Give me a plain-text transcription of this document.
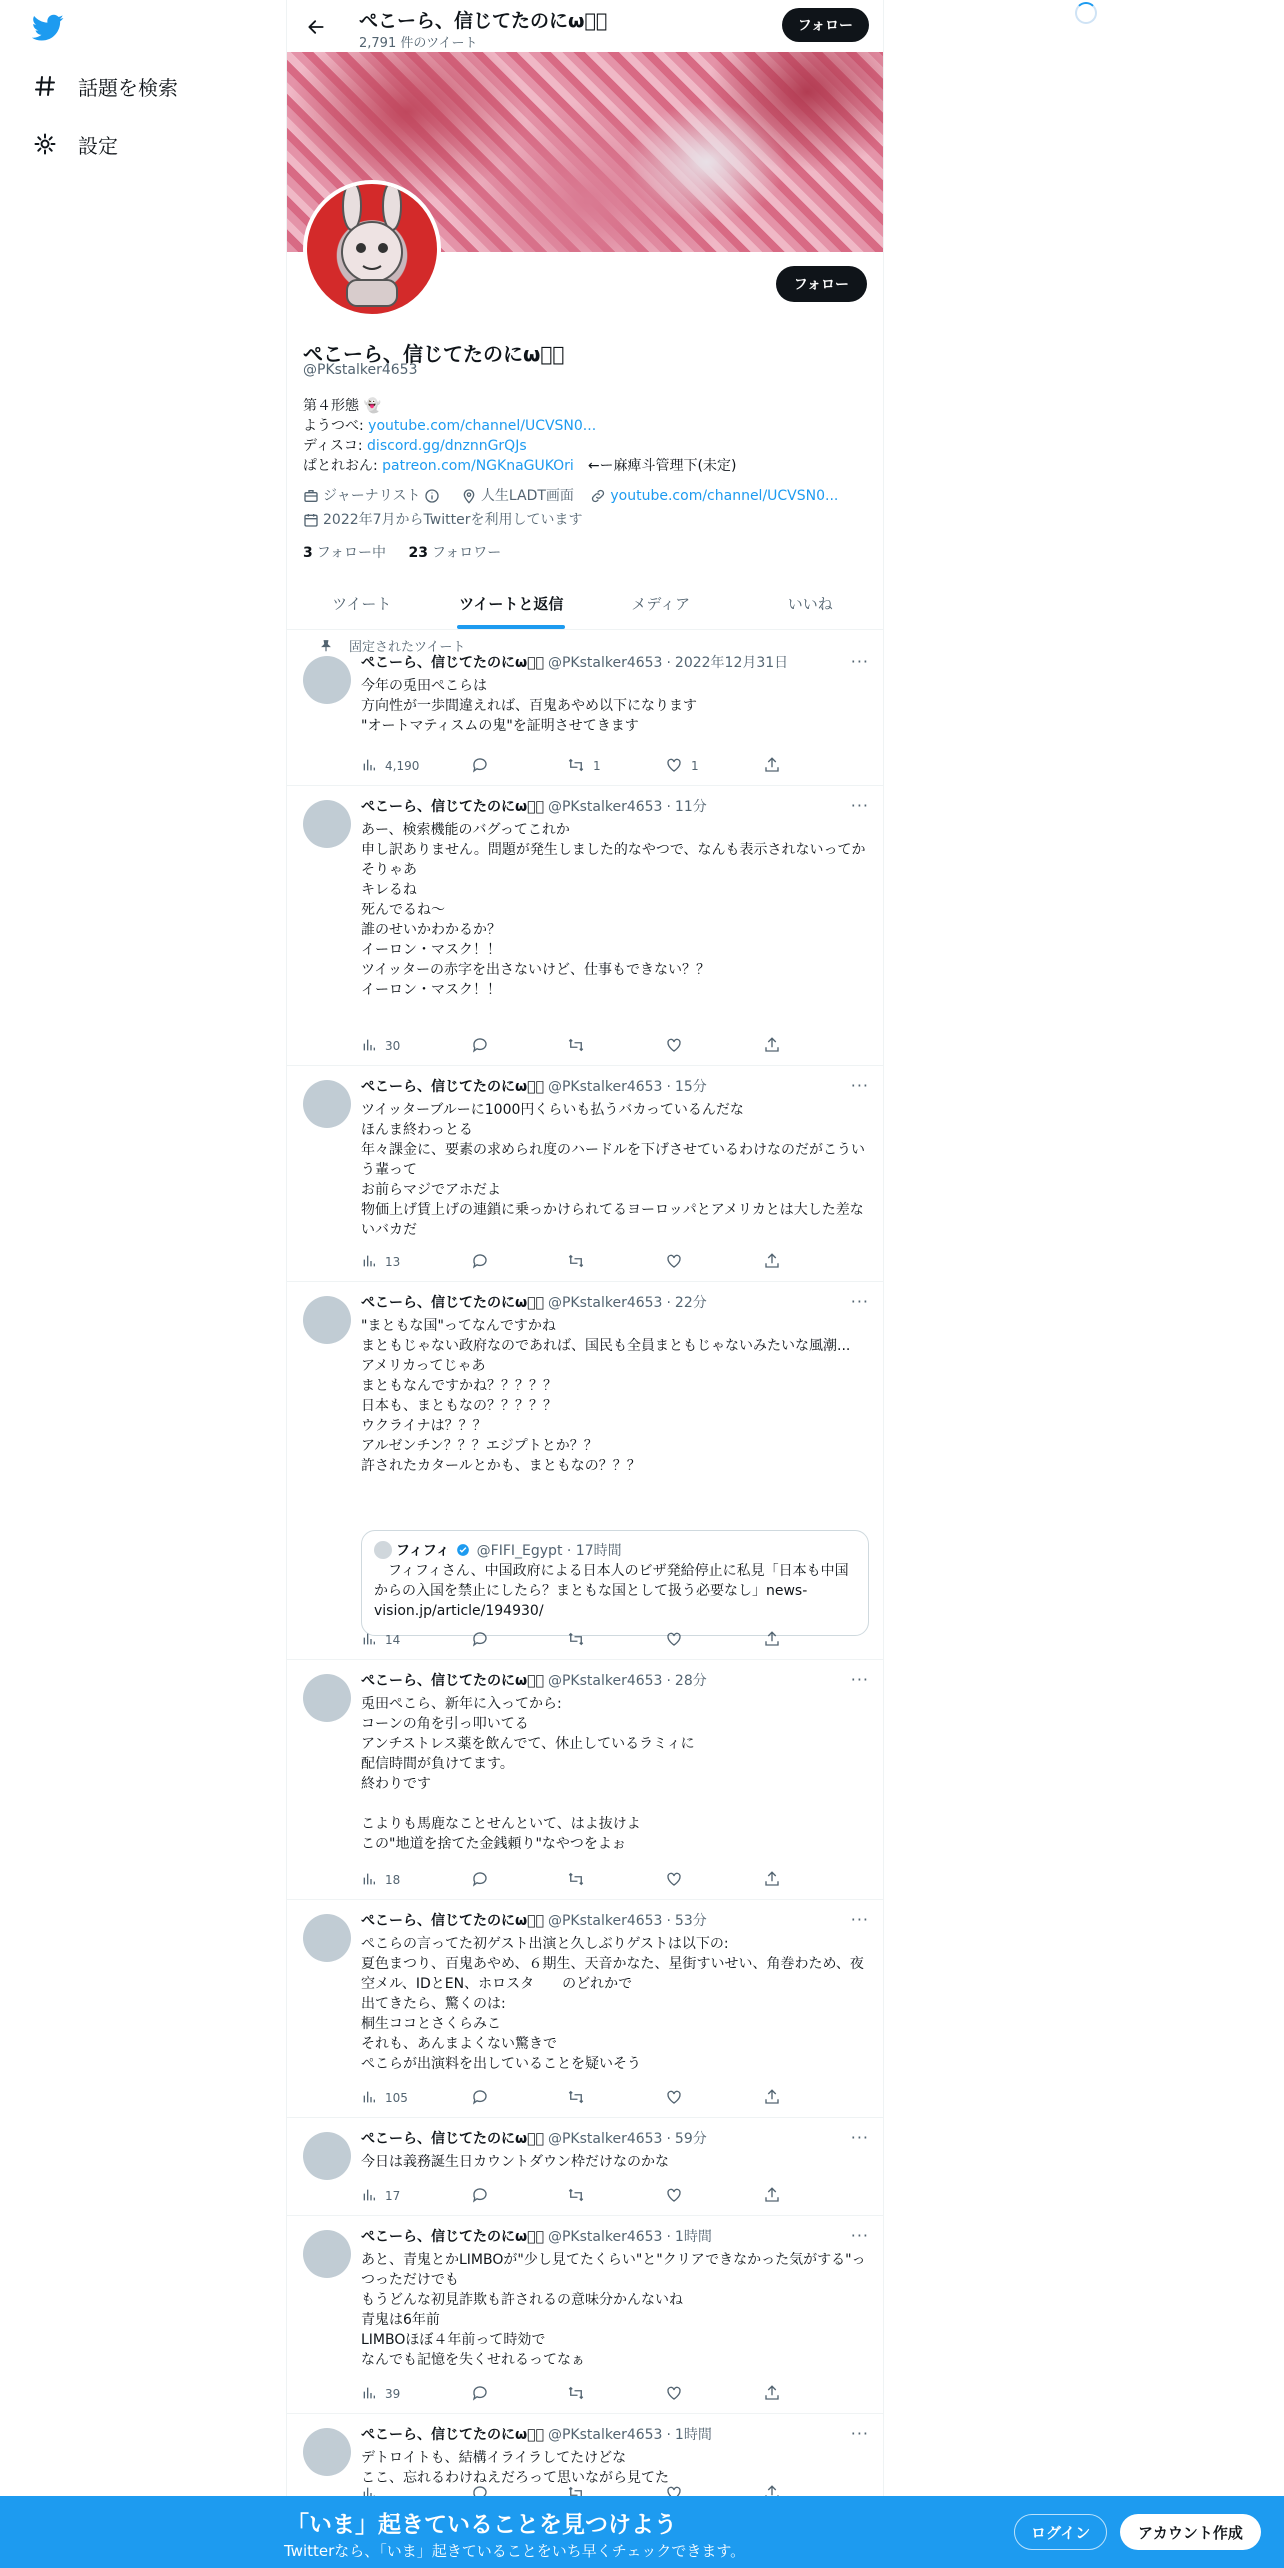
話題を検索
設定
ぺこーら、信じてたのにω⃞͛
2,791 件のツイート
フォロー
フォロー
ぺこーら、信じてたのにω⃞͛
@PKstalker4653
第４形態 👻
ようつべ: youtube.com/channel/UCVSN0...
ディスコ: discord.gg/dnznnGrQJs
ぱとれおん: patreon.com/NGKnaGUKOri　←ー麻痺斗管理下(未定)
ジャーナリスト
	人生LADT画面
	youtube.com/channel/UCVSN0...
2022年7月からTwitterを利用しています
3 フォロー中 23 フォロワー
ツイート	ツイートと返信	メディア	いいね
固定されたツイート
ぺこーら、信じてたのにω⃞͛ @PKstalker4653 · 2022年12月31日	···
今年の兎田ぺこらは
方向性が一歩間違えれば、百鬼あやめ以下になります
"オートマティスムの鬼"を証明させてきます
4,190	1	1
ぺこーら、信じてたのにω⃞͛ @PKstalker4653 · 11分	···
あー、検索機能のバグってこれか
申し訳ありません。問題が発生しました的なやつで、なんも表示されないってか
そりゃあ
キレるね
死んでるね〜
誰のせいかわかるか？
イーロン・マスク！！
ツイッターの赤字を出さないけど、仕事もできない？？
イーロン・マスク！！
30
ぺこーら、信じてたのにω⃞͛ @PKstalker4653 · 15分	···
ツイッターブルーに1000円くらいも払うバカっているんだな
ほんま終わっとる
年々課金に、要素の求められ度のハードルを下げさせているわけなのだがこういう輩って
お前らマジでアホだよ
物価上げ賃上げの連鎖に乗っかけられてるヨーロッパとアメリカとは大した差ないバカだ
13
ぺこーら、信じてたのにω⃞͛ @PKstalker4653 · 22分	···
"まともな国"ってなんですかね
まともじゃない政府なのであれば、国民も全員まともじゃないみたいな風潮...
アメリカってじゃあ
まともなんですかね？？？？？
日本も、まともなの？？？？？
ウクライナは？？？
アルゼンチン？？？エジプトとか？？
許されたカタールとかも、まともなの？？？
フィフィ @FIFI_Egypt · 17時間
　フィフィさん、中国政府による日本人のビザ発給停止に私見「日本も中国からの入国を禁止にしたら？まともな国として扱う必要なし」news-vision.jp/article/194930/
14
ぺこーら、信じてたのにω⃞͛ @PKstalker4653 · 28分	···
兎田ぺこら、新年に入ってから:
コーンの角を引っ叩いてる
アンチストレス薬を飲んでて、休止しているラミィに
配信時間が負けてます。
終わりです

こよりも馬鹿なことせんといて、はよ抜けよ
この"地道を捨てた金銭頼り"なやつをよぉ
18
ぺこーら、信じてたのにω⃞͛ @PKstalker4653 · 53分	···
ぺこらの言ってた初ゲスト出演と久しぶりゲストは以下の:
夏色まつり、百鬼あやめ、６期生、天音かなた、星街すいせい、角巻わため、夜空メル、IDとEN、ホロスタ　　のどれかで
出てきたら、驚くのは:
桐生ココとさくらみこ
それも、あんまよくない驚きで
ぺこらが出演料を出していることを疑いそう
105
ぺこーら、信じてたのにω⃞͛ @PKstalker4653 · 59分	···
今日は義務誕生日カウントダウン枠だけなのかな
17
ぺこーら、信じてたのにω⃞͛ @PKstalker4653 · 1時間	···
あと、青鬼とかLIMBOが"少し見てたくらい"と"クリアできなかった気がする"っつっただけでも
もうどんな初見詐欺も許されるの意味分かんないね
青鬼は6年前
LIMBOほぼ４年前って時効で
なんでも記憶を失くせれるってなぁ
39
ぺこーら、信じてたのにω⃞͛ @PKstalker4653 · 1時間	···
デトロイトも、結構イライラしてたけどな
ここ、忘れるわけねえだろって思いながら見てた
「いま」起きていることを見つけよう
Twitterなら、「いま」起きていることをいち早くチェックできます。
ログイン	アカウント作成
